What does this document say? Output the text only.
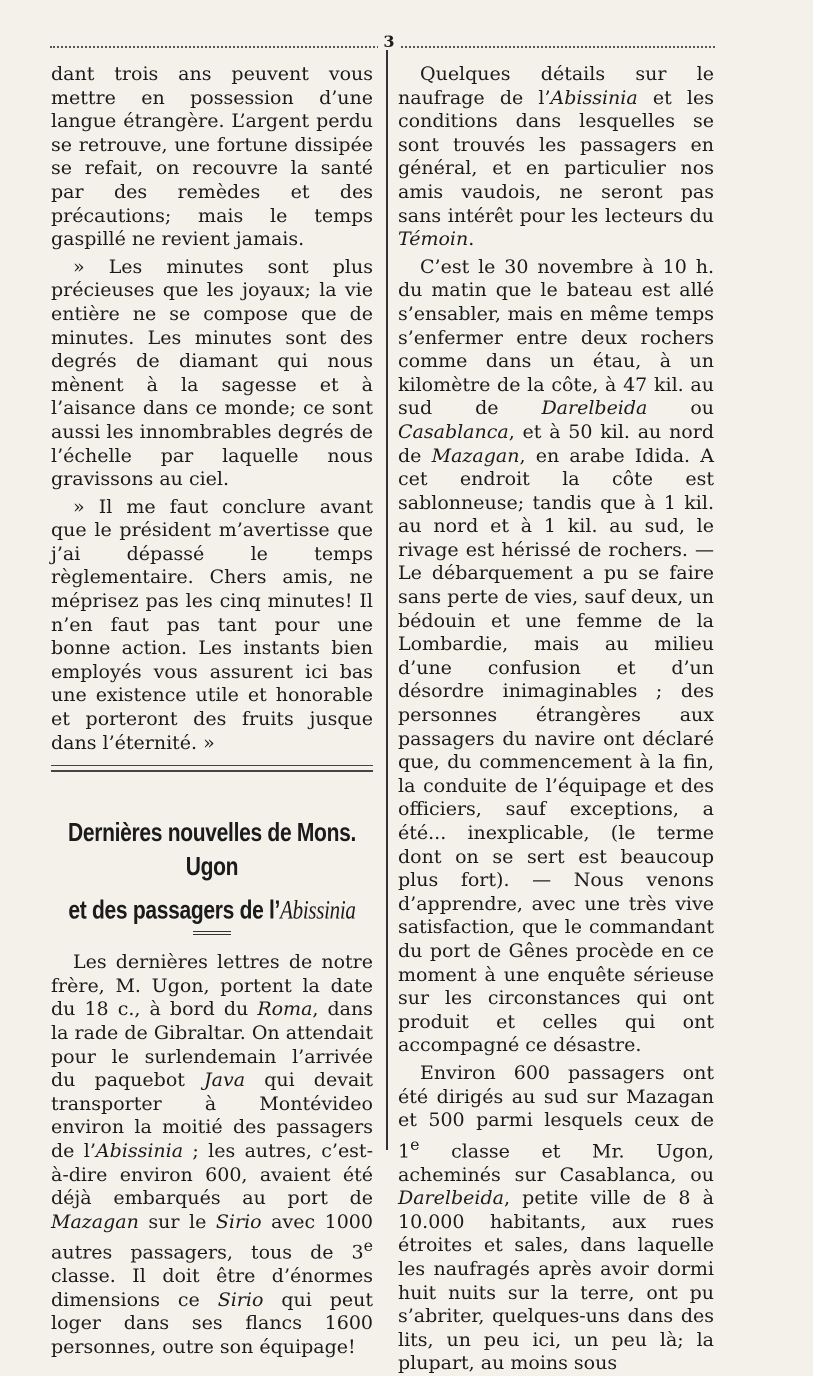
3

dant trois ans peuvent vous mettre en possession d’une langue étrangère. L’argent perdu se retrouve, une fortune dissipée se refait, on recouvre la santé par des remèdes et des précautions; mais le temps gaspillé ne revient jamais.

» Les minutes sont plus précieuses que les joyaux; la vie entière ne se compose que de minutes. Les minutes sont des degrés de diamant qui nous mènent à la sagesse et à l’aisance dans ce monde; ce sont aussi les innombrables degrés de l’échelle par laquelle nous gravissons au ciel.

» Il me faut conclure avant que le président m’avertisse que j’ai dépassé le temps règlementaire. Chers amis, ne méprisez pas les cinq minutes! Il n’en faut pas tant pour une bonne action. Les instants bien employés vous assurent ici bas une existence utile et honorable et porteront des fruits jusque dans l’éternité. »

Dernières nouvelles de Mons. Ugon
et des passagers de l’Abissinia

Les dernières lettres de notre frère, M. Ugon, portent la date du 18 c., à bord du Roma, dans la rade de Gibraltar. On attendait pour le surlendemain l’arrivée du paquebot Java qui devait transporter à Montévideo environ la moitié des passagers de l’Abissinia ; les autres, c’est-à-dire environ 600, avaient été déjà embarqués au port de Mazagan sur le Sirio avec 1000 autres passagers, tous de 3e classe. Il doit être d’énormes dimensions ce Sirio qui peut loger dans ses flancs 1600 personnes, outre son équipage!

Quelques détails sur le naufrage de l’Abissinia et les conditions dans lesquelles se sont trouvés les passagers en général, et en particulier nos amis vaudois, ne seront pas sans intérêt pour les lecteurs du Témoin.

C’est le 30 novembre à 10 h. du matin que le bateau est allé s’ensabler, mais en même temps s’enfermer entre deux rochers comme dans un étau, à un kilomètre de la côte, à 47 kil. au sud de Darelbeida ou Casablanca, et à 50 kil. au nord de Mazagan, en arabe Idida. A cet endroit la côte est sablonneuse; tandis que à 1 kil. au nord et à 1 kil. au sud, le rivage est hérissé de rochers. — Le débarquement a pu se faire sans perte de vies, sauf deux, un bédouin et une femme de la Lombardie, mais au milieu d’une confusion et d’un désordre inimaginables ; des personnes étrangères aux passagers du navire ont déclaré que, du commencement à la fin, la conduite de l’équipage et des officiers, sauf exceptions, a été... inexplicable, (le terme dont on se sert est beaucoup plus fort). — Nous venons d’apprendre, avec une très vive satisfaction, que le commandant du port de Gênes procède en ce moment à une enquête sérieuse sur les circonstances qui ont produit et celles qui ont accompagné ce désastre.

Environ 600 passagers ont été dirigés au sud sur Mazagan et 500 parmi lesquels ceux de 1e classe et Mr. Ugon, acheminés sur Casablanca, ou Darelbeida, petite ville de 8 à 10.000 habitants, aux rues étroites et sales, dans laquelle les naufragés après avoir dormi huit nuits sur la terre, ont pu s’abriter, quelques-uns dans des lits, un peu ici, un peu là; la plupart, au moins sous
